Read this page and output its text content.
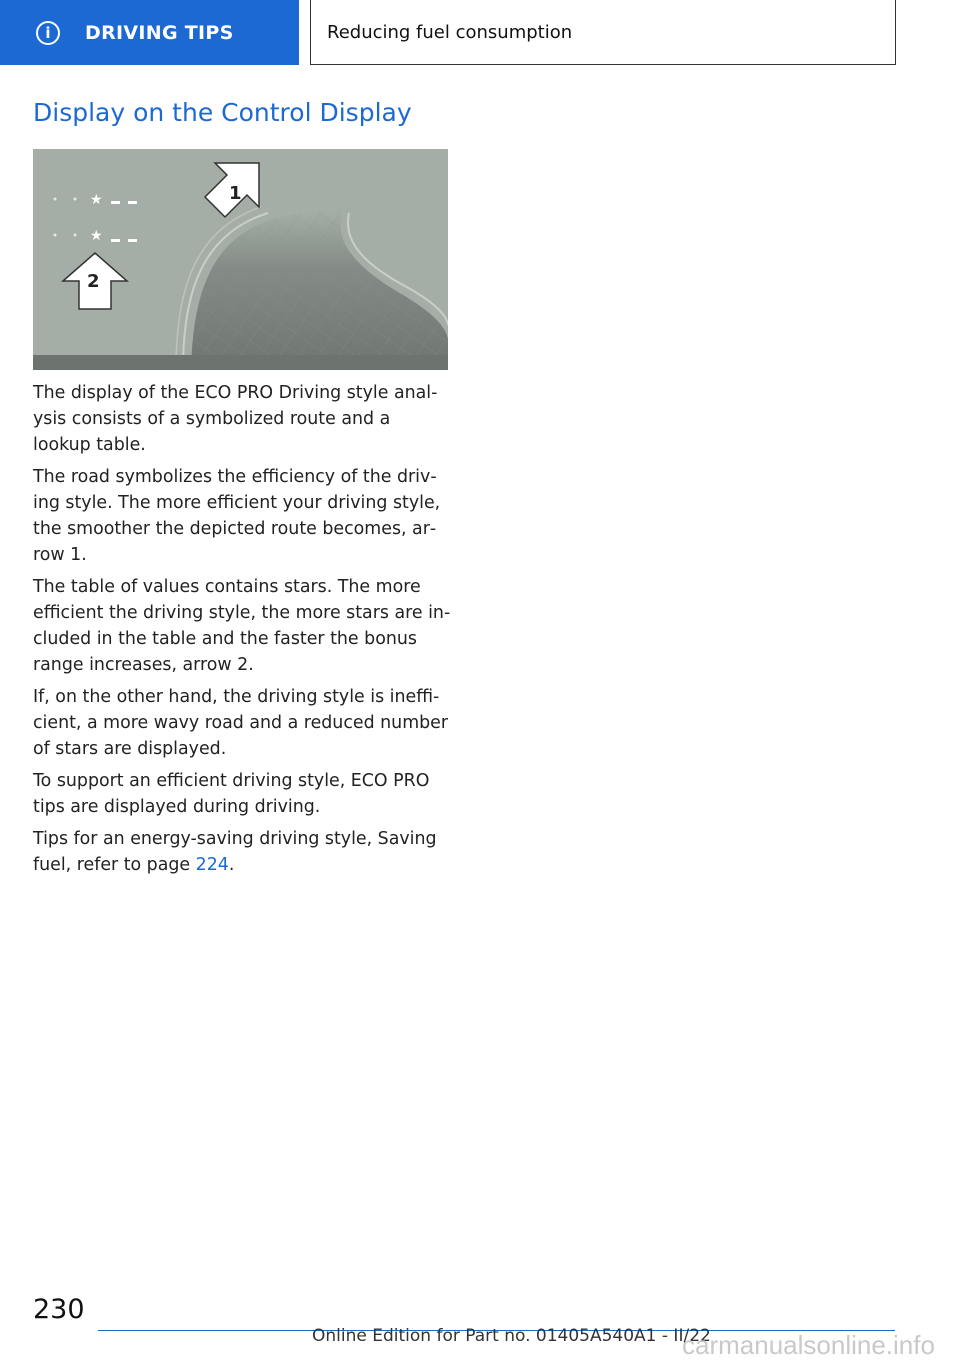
i	DRIVING TIPS	Reducing fuel consumption
Display on the Control Display
★
★
1
2

The display of the ECO PRO Driving style analysis consists of a symbolized route and a lookup table.

The road symbolizes the efficiency of the driving style. The more efficient your driving style, the smoother the depicted route becomes, arrow 1.

The table of values contains stars. The more efficient the driving style, the more stars are included in the table and the faster the bonus range increases, arrow 2.

If, on the other hand, the driving style is inefficient, a more wavy road and a reduced number of stars are displayed.

To support an efficient driving style, ECO PRO tips are displayed during driving.

Tips for an energy-saving driving style, Saving fuel, refer to page 224.

230
Online Edition for Part no. 01405A540A1 - II/22
carmanualsonline.info
